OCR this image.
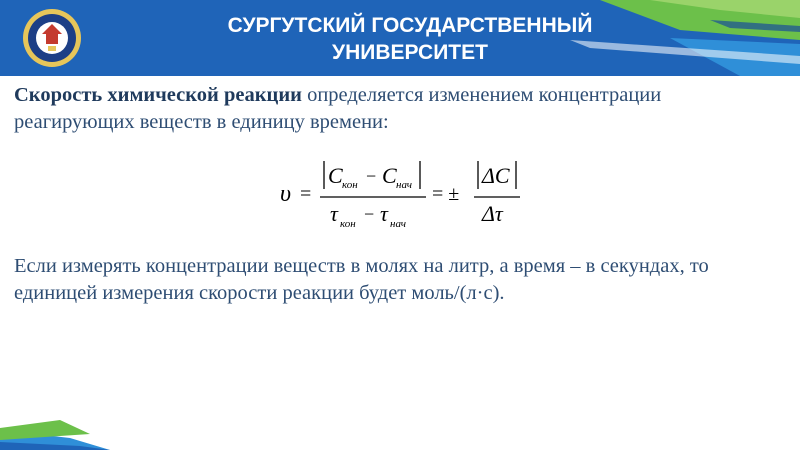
СУРГУТСКИЙ ГОСУДАРСТВЕННЫЙ
УНИВЕРСИТЕТ
Скорость химической реакции определяется изменением концентрации реагирующих веществ в единицу времени:
υ =
C кон − C нач
τ кон − τ нач
= ±
ΔC
Δτ
Если измерять концентрации веществ в молях на литр, а время – в секундах, то единицей измерения скорости реакции будет моль/(л·с).
